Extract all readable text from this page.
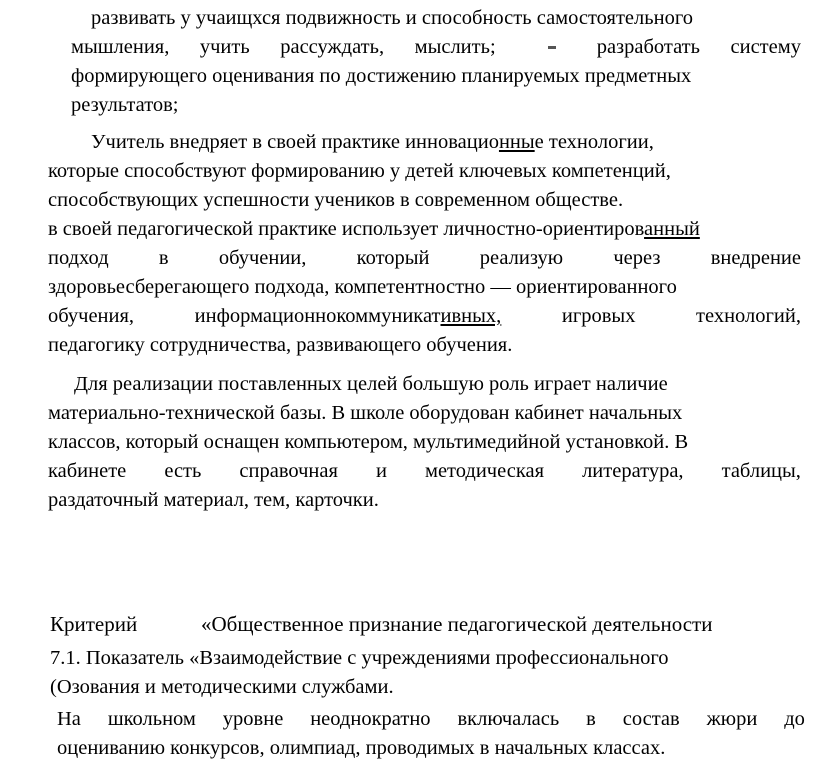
развивать у учаищхся подвижность и способность самостоятельного
мышления, учить рассуждать, мыслить;	разработать систему
формирующего оценивания по достижению планируемых предметных
результатов;
Учитель внедряет в своей практике инновационные технологии,
которые способствуют формированию у детей ключевых компетенций,
способствующих успешности учеников в современном обществе.
в своей педагогической практике использует личностно-ориентированный
подход в обучении, который реализую через внедрение
здоровьесберегающего подхода, компетентностно — ориентированного
обучения,	информационнокоммуникативных,	игровых	технологий,
педагогику сотрудничества, развивающего обучения.
Для реализации поставленных целей большую роль играет наличие
материально-технической базы. В школе оборудован кабинет начальных
классов, который оснащен компьютером, мультимедийной установкой. В
кабинете есть справочная и методическая литература, таблицы,
раздаточный материал, тем, карточки.
Критерий	«Общественное признание педагогической деятельности
7.1. Показатель «Взаимодействие с учреждениями профессионального
(Озования и методическими службами.
На школьном уровне неоднократно включалась в состав жюри до
оцениванию конкурсов, олимпиад, проводимых в начальных классах.
